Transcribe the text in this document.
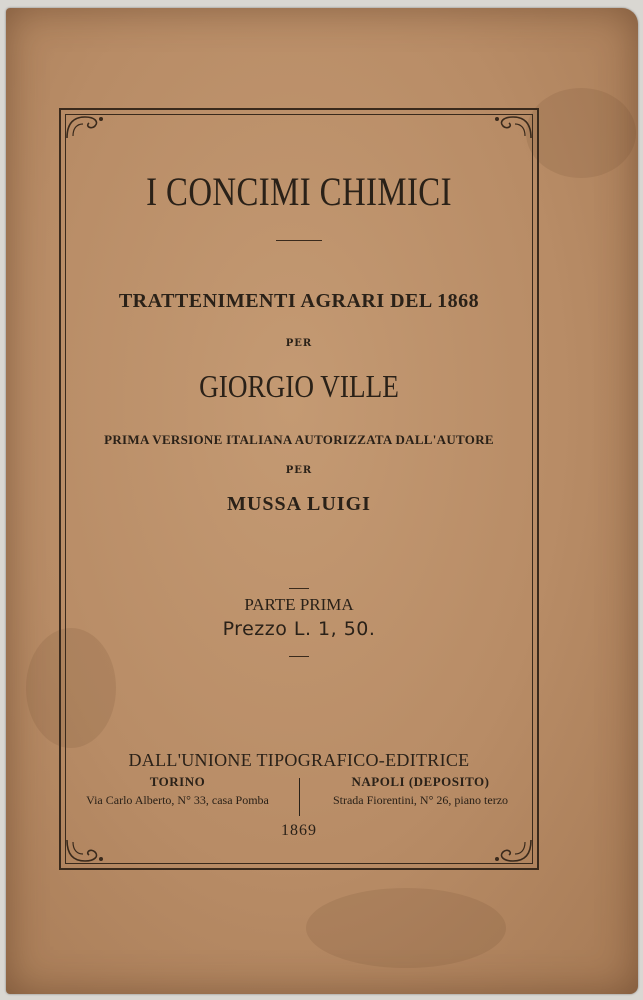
I CONCIMI CHIMICI
TRATTENIMENTI AGRARI DEL 1868
PER
GIORGIO VILLE
PRIMA VERSIONE ITALIANA AUTORIZZATA DALL'AUTORE
PER
MUSSA LUIGI
PARTE PRIMA
Prezzo L. 1, 50.
DALL'UNIONE TIPOGRAFICO-EDITRICE
TORINO
Via Carlo Alberto, N° 33, casa Pomba
NAPOLI (DEPOSITO)
Strada Fiorentini, N° 26, piano terzo
1869
